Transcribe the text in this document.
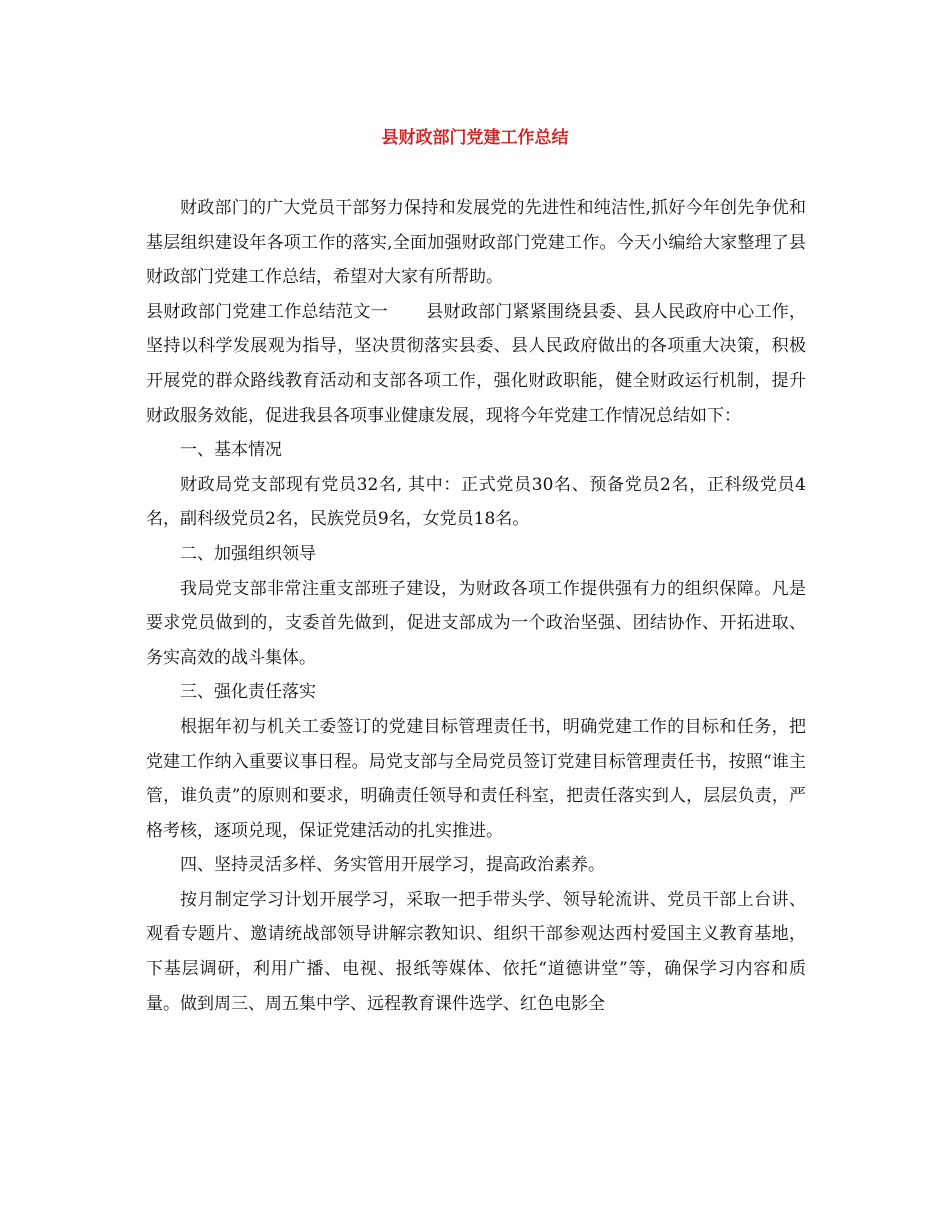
县财政部门党建工作总结

财政部门的广大党员干部努力保持和发展党的先进性和纯洁性,抓好今年创先争优和基层组织建设年各项工作的落实,全面加强财政部门党建工作。今天小编给大家整理了县财政部门党建工作总结，希望对大家有所帮助。

县财政部门党建工作总结范文一 县财政部门紧紧围绕县委、县人民政府中心工作，坚持以科学发展观为指导，坚决贯彻落实县委、县人民政府做出的各项重大决策，积极开展党的群众路线教育活动和支部各项工作，强化财政职能，健全财政运行机制，提升财政服务效能，促进我县各项事业健康发展，现将今年党建工作情况总结如下：

一、基本情况

财政局党支部现有党员32名, 其中：正式党员30名、预备党员2名，正科级党员4名，副科级党员2名，民族党员9名，女党员18名。

二、加强组织领导

我局党支部非常注重支部班子建设，为财政各项工作提供强有力的组织保障。凡是要求党员做到的，支委首先做到，促进支部成为一个政治坚强、团结协作、开拓进取、务实高效的战斗集体。

三、强化责任落实

根据年初与机关工委签订的党建目标管理责任书，明确党建工作的目标和任务，把党建工作纳入重要议事日程。局党支部与全局党员签订党建目标管理责任书，按照“谁主管，谁负责”的原则和要求，明确责任领导和责任科室，把责任落实到人，层层负责，严格考核，逐项兑现，保证党建活动的扎实推进。

四、坚持灵活多样、务实管用开展学习，提高政治素养。

按月制定学习计划开展学习，采取一把手带头学、领导轮流讲、党员干部上台讲、观看专题片、邀请统战部领导讲解宗教知识、组织干部参观达西村爱国主义教育基地，下基层调研，利用广播、电视、报纸等媒体、依托“道德讲堂”等，确保学习内容和质量。做到周三、周五集中学、远程教育课件选学、红色电影全
